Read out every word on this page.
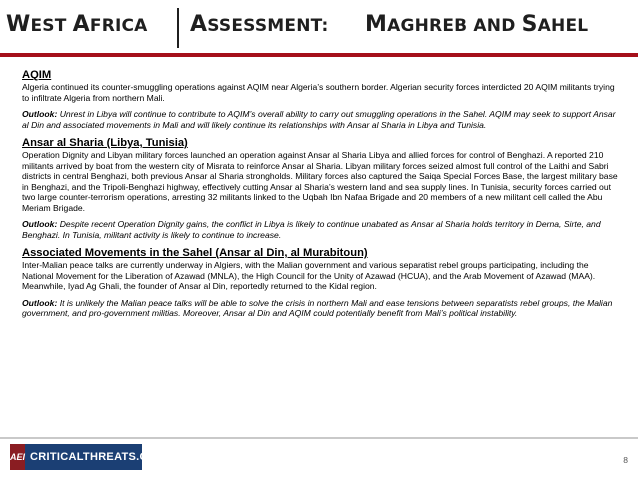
WEST AFRICA ASSESSMENT: MAGHREB AND SAHEL

AQIM

Algeria continued its counter-smuggling operations against AQIM near Algeria’s southern border. Algerian security forces interdicted 20 AQIM militants trying to infiltrate Algeria from northern Mali.

Outlook: Unrest in Libya will continue to contribute to AQIM’s overall ability to carry out smuggling operations in the Sahel. AQIM may seek to support Ansar al Din and associated movements in Mali and will likely continue its relationships with Ansar al Sharia in Libya and Tunisia.

Ansar al Sharia (Libya, Tunisia)

Operation Dignity and Libyan military forces launched an operation against Ansar al Sharia Libya and allied forces for control of Benghazi. A reported 210 militants arrived by boat from the western city of Misrata to reinforce Ansar al Sharia. Libyan military forces seized almost full control of the Laithi and Sabri districts in central Benghazi, both previous Ansar al Sharia strongholds. Military forces also captured the Saiqa Special Forces Base, the largest military base in Benghazi, and the Tripoli-Benghazi highway, effectively cutting Ansar al Sharia’s western land and sea supply lines. In Tunisia, security forces carried out two large counter-terrorism operations, arresting 32 militants linked to the Uqbah Ibn Nafaa Brigade and 20 members of a new militant cell called the Abu Meriam Brigade.

Outlook: Despite recent Operation Dignity gains, the conflict in Libya is likely to continue unabated as Ansar al Sharia holds territory in Derna, Sirte, and Benghazi. In Tunisia, militant activity is likely to continue to increase.

Associated Movements in the Sahel (Ansar al Din, al Murabitoun)

Inter-Malian peace talks are currently underway in Algiers, with the Malian government and various separatist rebel groups participating, including the National Movement for the Liberation of Azawad (MNLA), the High Council for the Unity of Azawad (HCUA), and the Arab Movement of Azawad (MAA). Meanwhile, Iyad Ag Ghali, the founder of Ansar al Din, reportedly returned to the Kidal region.

Outlook: It is unlikely the Malian peace talks will be able to solve the crisis in northern Mali and ease tensions between separatists rebel groups, the Malian government, and pro-government militias. Moreover, Ansar al Din and AQIM could potentially benefit from Mali’s political instability.

AEI CRITICALTHREATS.ORG	8
